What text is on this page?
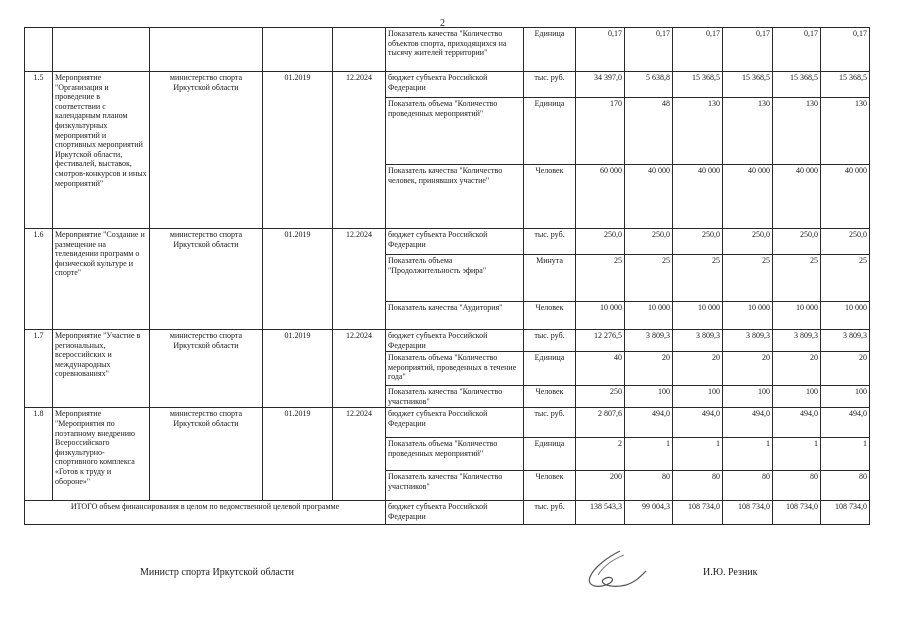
2
					Показатель качества "Количество объектов спорта, приходящихся на тысячу жителей территории"	Единица	0,17	0,17	0,17	0,17	0,17	0,17
1.5	Мероприятие "Организация и проведение в соответствии с календарным планом физкультурных мероприятий и спортивных мероприятий Иркутской области, фестивалей, выставок, смотров-конкурсов и иных мероприятий"	министерство спорта Иркутской области	01.2019	12.2024	бюджет субъекта Российской Федерации	тыс. руб.	34 397,0	5 638,8	15 368,5	15 368,5	15 368,5	15 368,5
					Показатель объема "Количество проведенных мероприятий"	Единица	170	48	130	130	130	130
					Показатель качества "Количество человек, принявших участие"	Человек	60 000	40 000	40 000	40 000	40 000	40 000
1.6	Мероприятие "Создание и размещение на телевидении программ о физической культуре и спорте"	министерство спорта Иркутской области	01.2019	12.2024	бюджет субъекта Российской Федерации	тыс. руб.	250,0	250,0	250,0	250,0	250,0	250,0
					Показатель объема "Продолжительность эфира"	Минута	25	25	25	25	25	25
					Показатель качества "Аудитория"	Человек	10 000	10 000	10 000	10 000	10 000	10 000
1.7	Мероприятие "Участие в региональных, всероссийских и международных соревнованиях"	министерство спорта Иркутской области	01.2019	12.2024	бюджет субъекта Российской Федерации	тыс. руб.	12 276,5	3 809,3	3 809,3	3 809,3	3 809,3	3 809,3
					Показатель объема "Количество мероприятий, проведенных в течение года"	Единица	40	20	20	20	20	20
					Показатель качества "Количество участников"	Человек	250	100	100	100	100	100
1.8	Мероприятие "Мероприятия по поэтапному внедрению Всероссийского физкультурно-спортивного комплекса «Готов к труду и обороне»"	министерство спорта Иркутской области	01.2019	12.2024	бюджет субъекта Российской Федерации	тыс. руб.	2 807,6	494,0	494,0	494,0	494,0	494,0
					Показатель объема "Количество проведенных мероприятий"	Единица	2	1	1	1	1	1
					Показатель качества "Количество участников"	Человек	200	80	80	80	80	80
ИТОГО объем финансирования в целом по ведомственной целевой программе					бюджет субъекта Российской Федерации	тыс. руб.	138 543,3	99 004,3	108 734,0	108 734,0	108 734,0	108 734,0
Министр спорта Иркутской области	И.Ю. Резник
